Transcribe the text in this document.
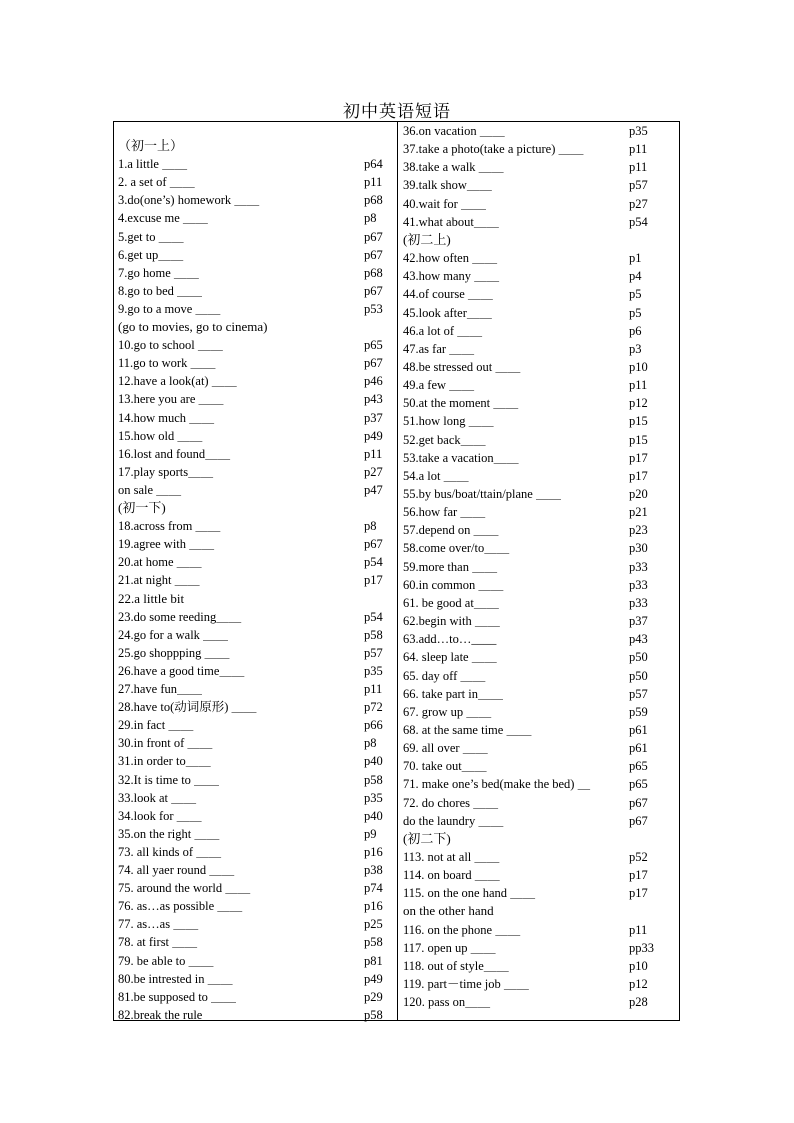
初中英语短语
（初一上）
1.a little ＿＿	p64
2. a set of ＿＿	p11
3.do(one’s) homework ＿＿	p68
4.excuse me ＿＿	p8
5.get to ＿＿	p67
6.get up＿＿	p67
7.go home ＿＿	p68
8.go to bed ＿＿	p67
9.go to a move ＿＿	p53
(go to movies, go to cinema)
10.go to school ＿＿	p65
11.go to work ＿＿	p67
12.have a look(at) ＿＿	p46
13.here you are ＿＿	p43
14.how much ＿＿	p37
15.how old ＿＿	p49
16.lost and found＿＿	p11
17.play sports＿＿	p27
on sale ＿＿	p47
(初一下)
18.across from ＿＿	p8
19.agree with ＿＿	p67
20.at home ＿＿	p54
21.at night ＿＿	p17
22.a little bit
23.do some reeding＿＿	p54
24.go for a walk ＿＿	p58
25.go shoppping ＿＿	p57
26.have a good time＿＿	p35
27.have fun＿＿	p11
28.have to(动词原形) ＿＿	p72
29.in fact ＿＿	p66
30.in front of ＿＿	p8
31.in order to＿＿	p40
32.It is time to ＿＿	p58
33.look at ＿＿	p35
34.look for ＿＿	p40
35.on the right ＿＿	p9
73. all kinds of ＿＿	p16
74. all yaer round ＿＿	p38
75. around the world ＿＿	p74
76. as…as possible ＿＿	p16
77. as…as ＿＿	p25
78. at first ＿＿	p58
79. be able to ＿＿	p81
80.be intrested in ＿＿	p49
81.be supposed to ＿＿	p29
82.break the rule＿＿	p58
36.on vacation ＿＿	p35
37.take a photo(take a picture) ＿＿	p11
38.take a walk ＿＿	p11
39.talk show＿＿	p57
40.wait for ＿＿	p27
41.what about＿＿	p54
(初二上)
42.how often ＿＿	p1
43.how many ＿＿	p4
44.of course ＿＿	p5
45.look after＿＿	p5
46.a lot of ＿＿	p6
47.as far ＿＿	p3
48.be stressed out ＿＿	p10
49.a few ＿＿	p11
50.at the moment ＿＿	p12
51.how long ＿＿	p15
52.get back＿＿	p15
53.take a vacation＿＿	p17
54.a lot ＿＿	p17
55.by bus/boat/ttain/plane ＿＿	p20
56.how far ＿＿	p21
57.depend on ＿＿	p23
58.come over/to＿＿	p30
59.more than ＿＿	p33
60.in common ＿＿	p33
61. be good at＿＿	p33
62.begin with ＿＿	p37
63.add…to…____	p43
64. sleep late ＿＿	p50
65. day off ＿＿	p50
66. take part in＿＿	p57
67. grow up ＿＿	p59
68. at the same time ＿＿	p61
69. all over ＿＿	p61
70. take out＿＿	p65
71. make one’s bed(make the bed) ＿	p65
72. do chores ＿＿	p67
do the laundry ＿＿	p67
(初二下)
113. not at all ＿＿	p52
114. on board ＿＿	p17
115. on the one hand ＿＿	p17
on the other hand
116. on the phone ＿＿	p11
117. open up ＿＿	pp33
118. out of style＿＿	p10
119. part－time job ＿＿	p12
120. pass on＿＿	p28
